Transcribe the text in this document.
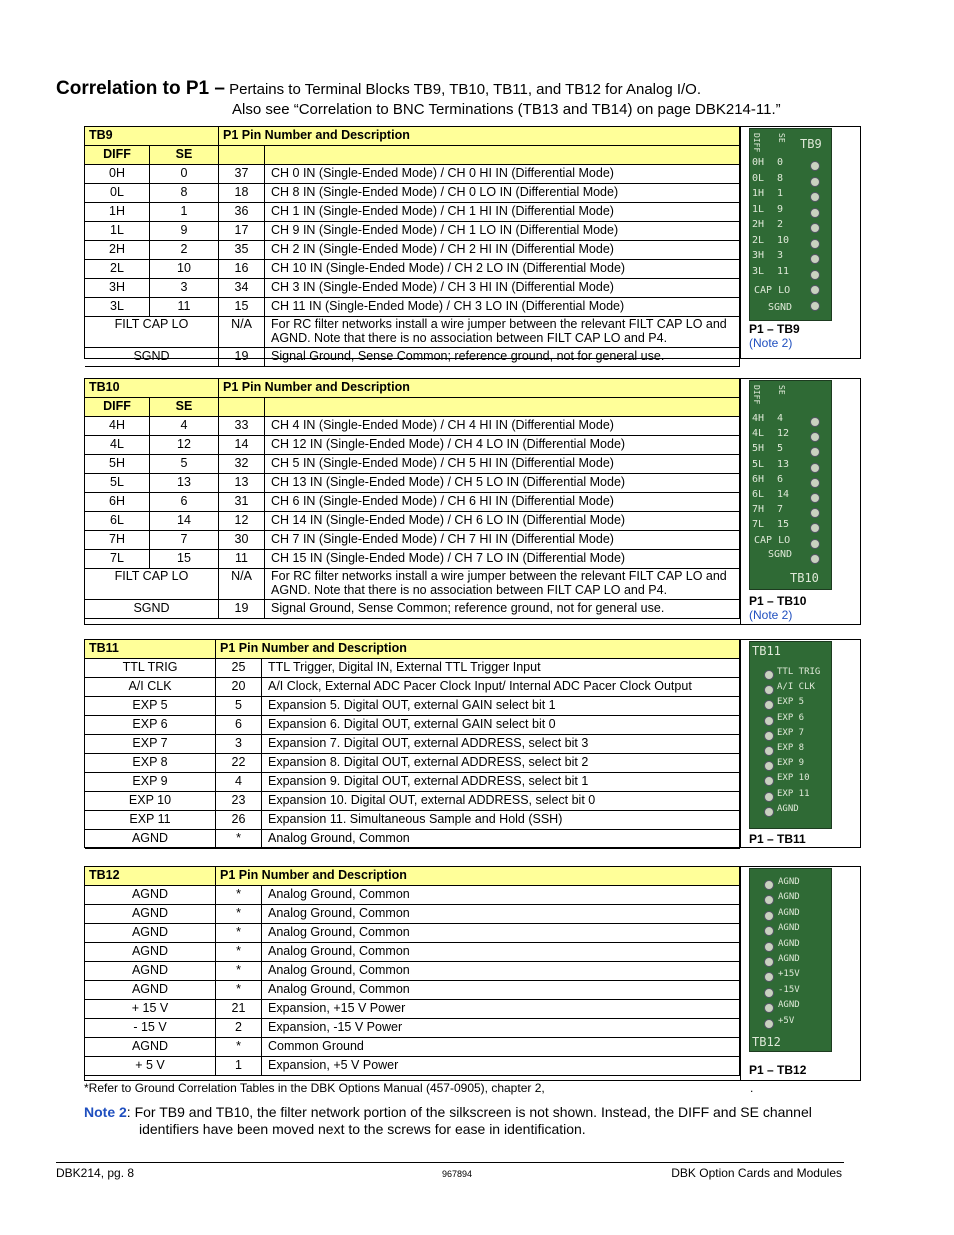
Correlation to P1 – Pertains to Terminal Blocks TB9, TB10, TB11, and TB12 for Analog I/O.
Also see “Correlation to BNC Terminations (TB13 and TB14) on page DBK214-11.”
TB9		P1 Pin Number and Description	
DIFF	SE		
0H	0	37	CH 0 IN (Single-Ended Mode) / CH 0 HI IN (Differential Mode)
0L	8	18	CH 8 IN (Single-Ended Mode) / CH 0 LO IN (Differential Mode)
1H	1	36	CH 1 IN (Single-Ended Mode) / CH 1 HI IN (Differential Mode)
1L	9	17	CH 9 IN (Single-Ended Mode) / CH 1 LO IN (Differential Mode)
2H	2	35	CH 2 IN (Single-Ended Mode) / CH 2 HI IN (Differential Mode)
2L	10	16	CH 10 IN (Single-Ended Mode) / CH 2 LO IN (Differential Mode)
3H	3	34	CH 3 IN (Single-Ended Mode) / CH 3 HI IN (Differential Mode)
3L	11	15	CH 11 IN (Single-Ended Mode) / CH 3 LO IN (Differential Mode)
FILT CAP LO		N/A	For RC filter networks install a wire jumper between the relevant FILT CAP LO and
AGND. Note that there is no association between FILT CAP LO and P4.
SGND		19	Signal Ground, Sense Common; reference ground, not for general use.
DIFF SE TB9
0H 0
0L 8
1H 1
1L 9
2H 2
2L 10
3H 3
3L 11
CAP LO
SGND
P1 – TB9
(Note 2)
TB10		P1 Pin Number and Description	
DIFF	SE		
4H	4	33	CH 4 IN (Single-Ended Mode) / CH 4 HI IN (Differential Mode)
4L	12	14	CH 12 IN (Single-Ended Mode) / CH 4 LO IN (Differential Mode)
5H	5	32	CH 5 IN (Single-Ended Mode) / CH 5 HI IN (Differential Mode)
5L	13	13	CH 13 IN (Single-Ended Mode) / CH 5 LO IN (Differential Mode)
6H	6	31	CH 6 IN (Single-Ended Mode) / CH 6 HI IN (Differential Mode)
6L	14	12	CH 14 IN (Single-Ended Mode) / CH 6 LO IN (Differential Mode)
7H	7	30	CH 7 IN (Single-Ended Mode) / CH 7 HI IN (Differential Mode)
7L	15	11	CH 15 IN (Single-Ended Mode) / CH 7 LO IN (Differential Mode)
FILT CAP LO		N/A	For RC filter networks install a wire jumper between the relevant FILT CAP LO and
AGND. Note that there is no association between FILT CAP LO and P4.
SGND		19	Signal Ground, Sense Common; reference ground, not for general use.
DIFF SE
4H 4
4L 12
5H 5
5L 13
6H 6
6L 14
7H 7
7L 15
CAP LO
SGND
TB10
P1 – TB10
(Note 2)
TB11	P1 Pin Number and Description	
TTL TRIG	25	TTL Trigger, Digital IN, External TTL Trigger Input
A/I CLK	20	A/I Clock, External ADC Pacer Clock Input/ Internal ADC Pacer Clock Output
EXP 5	5	Expansion 5. Digital OUT, external GAIN select bit 1
EXP 6	6	Expansion 6. Digital OUT, external GAIN select bit 0
EXP 7	3	Expansion 7. Digital OUT, external ADDRESS, select bit 3
EXP 8	22	Expansion 8. Digital OUT, external ADDRESS, select bit 2
EXP 9	4	Expansion 9. Digital OUT, external ADDRESS, select bit 1
EXP 10	23	Expansion 10. Digital OUT, external ADDRESS, select bit 0
EXP 11	26	Expansion 11. Simultaneous Sample and Hold (SSH)
AGND	*	Analog Ground, Common
TB11
TTL TRIG
A/I CLK
EXP 5
EXP 6
EXP 7
EXP 8
EXP 9
EXP 10
EXP 11
AGND
P1 – TB11
TB12	P1 Pin Number and Description	
AGND	*	Analog Ground, Common
AGND	*	Analog Ground, Common
AGND	*	Analog Ground, Common
AGND	*	Analog Ground, Common
AGND	*	Analog Ground, Common
AGND	*	Analog Ground, Common
+ 15 V	21	Expansion, +15 V Power
- 15 V	2	Expansion, -15 V Power
AGND	*	Common Ground
+ 5 V	1	Expansion, +5 V Power
AGND
AGND
AGND
AGND
AGND
AGND
+15V
-15V
AGND
+5V
TB12
P1 – TB12
*Refer to Ground Correlation Tables in the DBK Options Manual (457-0905), chapter 2,	.
Note 2: For TB9 and TB10, the filter network portion of the silkscreen is not shown. Instead, the DIFF and SE channel
identifiers have been moved next to the screws for ease in identification.
DBK214, pg. 8	967894	DBK Option Cards and Modules
